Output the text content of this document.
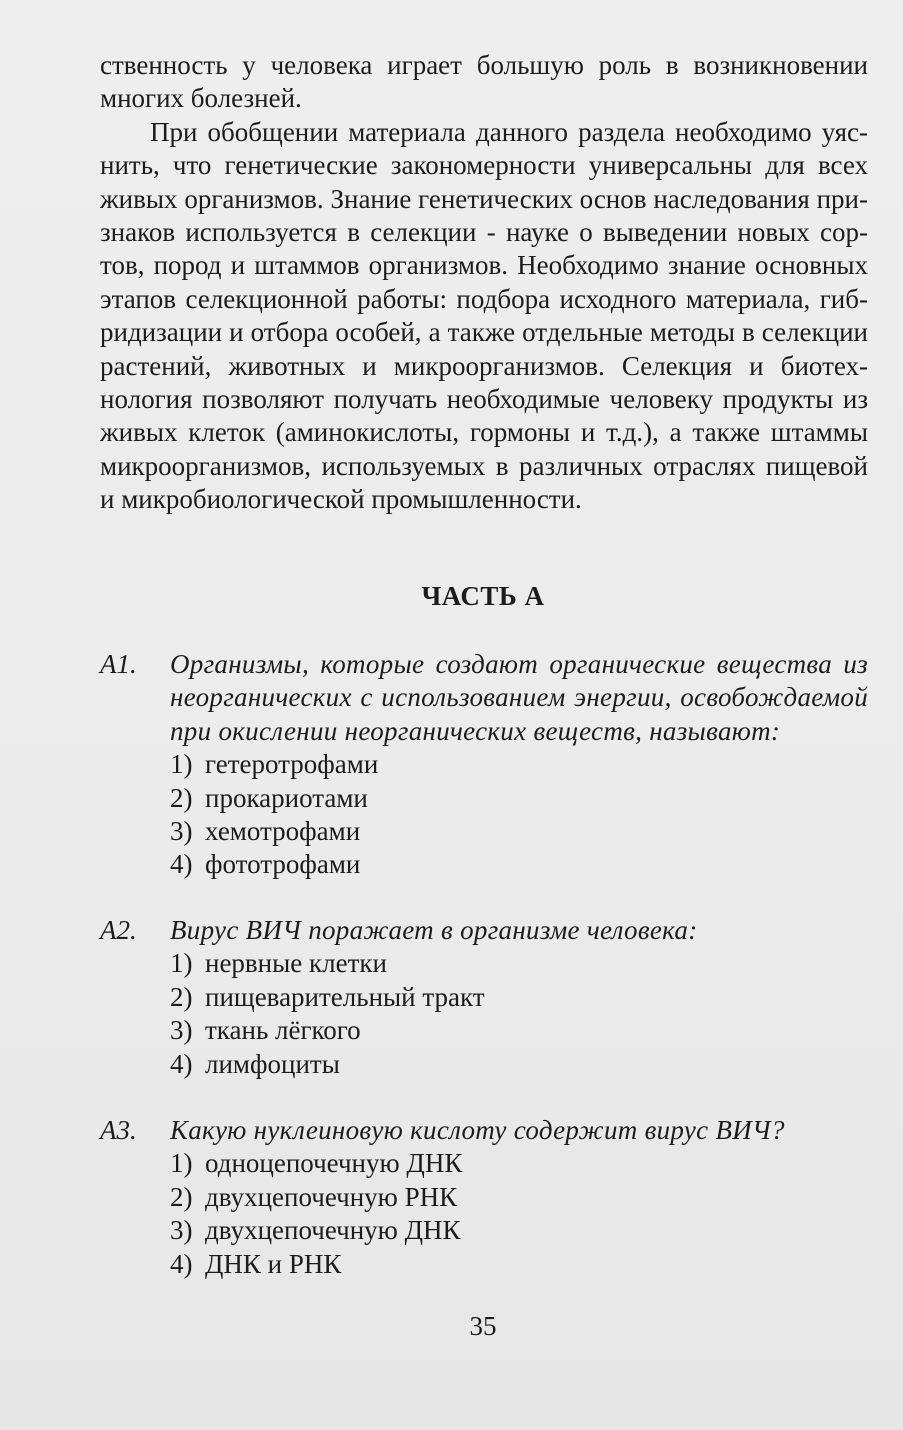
ственность у человека играет большую роль в возникновении многих болезней.

При обобщении материала данного раздела необходимо уяснить, что генетические закономерности универсальны для всех живых организмов. Знание генетических основ наследования признаков используется в селекции - науке о выведении новых сортов, пород и штаммов организмов. Необходимо знание основных этапов селекционной работы: подбора исходного материала, гибридизации и отбора особей, а также отдельные методы в селекции растений, животных и микроорганизмов. Селекция и биотехнология позволяют получать необходимые человеку продукты из живых клеток (аминокислоты, гормоны и т.д.), а также штаммы микроорганизмов, используемых в различных отраслях пищевой и микробиологической промышленности.

ЧАСТЬ А
А1. Организмы, которые создают органические вещества из неорганических с использованием энергии, освобождаемой при окислении неорганических веществ, называют:
1) гетеротрофами
2) прокариотами
3) хемотрофами
4) фототрофами
А2. Вирус ВИЧ поражает в организме человека:
1) нервные клетки
2) пищеварительный тракт
3) ткань лёгкого
4) лимфоциты
А3. Какую нуклеиновую кислоту содержит вирус ВИЧ?
1) одноцепочечную ДНК
2) двухцепочечную РНК
3) двухцепочечную ДНК
4) ДНК и РНК
35
